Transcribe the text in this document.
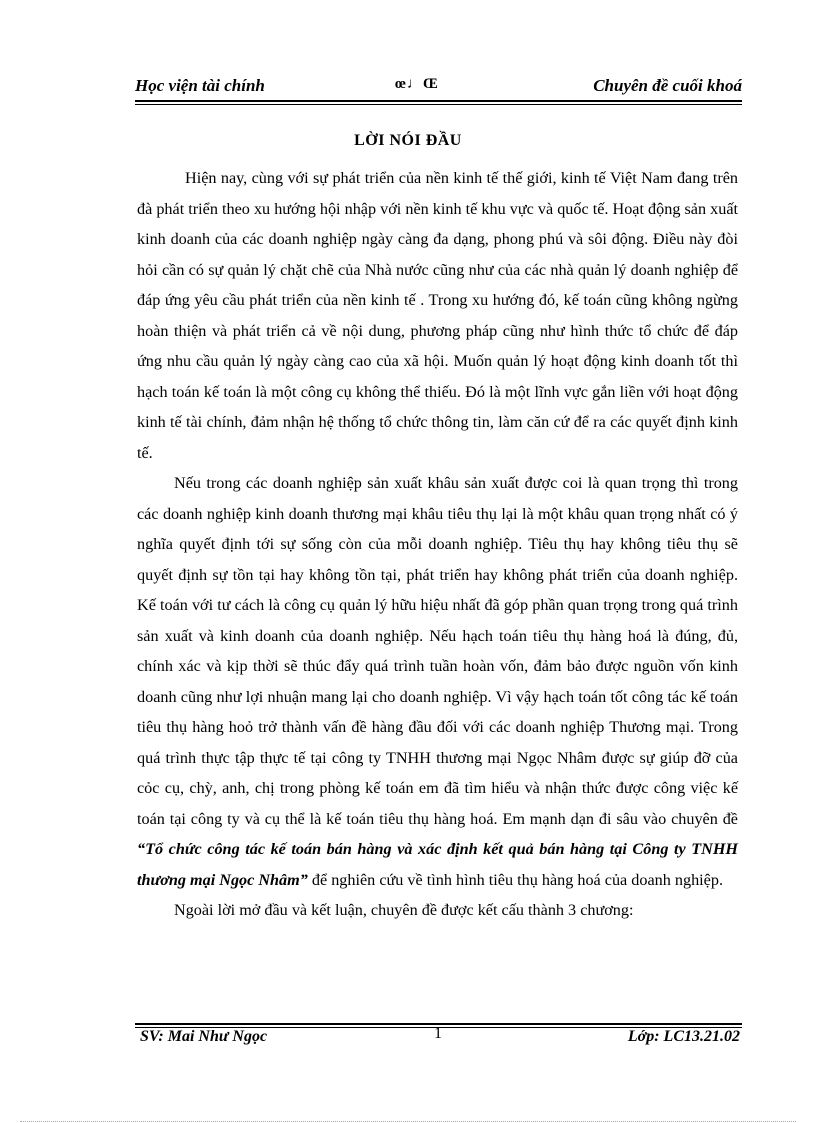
Học viện tài chính	œ♩Œ	Chuyên đề cuối khoá
LỜI NÓI ĐẦU

Hiện nay, cùng với sự phát triển của nền kinh tế thế giới, kinh tế Việt Nam đang trên đà phát triển theo xu hướng hội nhập với nền kinh tế khu vực và quốc tế. Hoạt động sản xuất kinh doanh của các doanh nghiệp ngày càng đa dạng, phong phú và sôi động. Điều này đòi hỏi cần có sự quản lý chặt chẽ của Nhà nước cũng như của các nhà quản lý doanh nghiệp để đáp ứng yêu cầu phát triển của nền kinh tế . Trong xu hướng đó, kế toán cũng không ngừng hoàn thiện và phát triển cả về nội dung, phương pháp cũng như hình thức tổ chức để đáp ứng nhu cầu quản lý ngày càng cao của xã hội. Muốn quản lý hoạt động kinh doanh tốt thì hạch toán kế toán là một công cụ không thể thiếu. Đó là một lĩnh vực gắn liền với hoạt động kinh tế tài chính, đảm nhận hệ thống tổ chức thông tin, làm căn cứ để ra các quyết định kinh tế.

Nếu trong các doanh nghiệp sản xuất khâu sản xuất được coi là quan trọng thì trong các doanh nghiệp kinh doanh thương mại khâu tiêu thụ lại là một khâu quan trọng nhất có ý nghĩa quyết định tới sự sống còn của mỗi doanh nghiệp. Tiêu thụ hay không tiêu thụ sẽ quyết định sự tồn tại hay không tồn tại, phát triển hay không phát triển của doanh nghiệp. Kế toán với tư cách là công cụ quản lý hữu hiệu nhất đã góp phần quan trọng trong quá trình sản xuất và kinh doanh của doanh nghiệp. Nếu hạch toán tiêu thụ hàng hoá là đúng, đủ, chính xác và kịp thời sẽ thúc đẩy quá trình tuần hoàn vốn, đảm bảo được nguồn vốn kinh doanh cũng như lợi nhuận mang lại cho doanh nghiệp. Vì vậy hạch toán tốt công tác kế toán tiêu thụ hàng hoỏ trở thành vấn đề hàng đầu đối với các doanh nghiệp Thương mại. Trong quá trình thực tập thực tế tại công ty TNHH thương mại Ngọc Nhâm được sự giúp đỡ của cỏc cụ, chỳ, anh, chị trong phòng kế toán em đã tìm hiểu và nhận thức được công việc kế toán tại công ty và cụ thể là kế toán tiêu thụ hàng hoá. Em mạnh dạn đi sâu vào chuyên đề “Tổ chức công tác kế toán bán hàng và xác định kết quả bán hàng tại Công ty TNHH thương mại Ngọc Nhâm” để nghiên cứu về tình hình tiêu thụ hàng hoá của doanh nghiệp.

Ngoài lời mở đầu và kết luận, chuyên đề được kết cấu thành 3 chương:

SV: Mai Như Ngọc	1	Lớp: LC13.21.02
